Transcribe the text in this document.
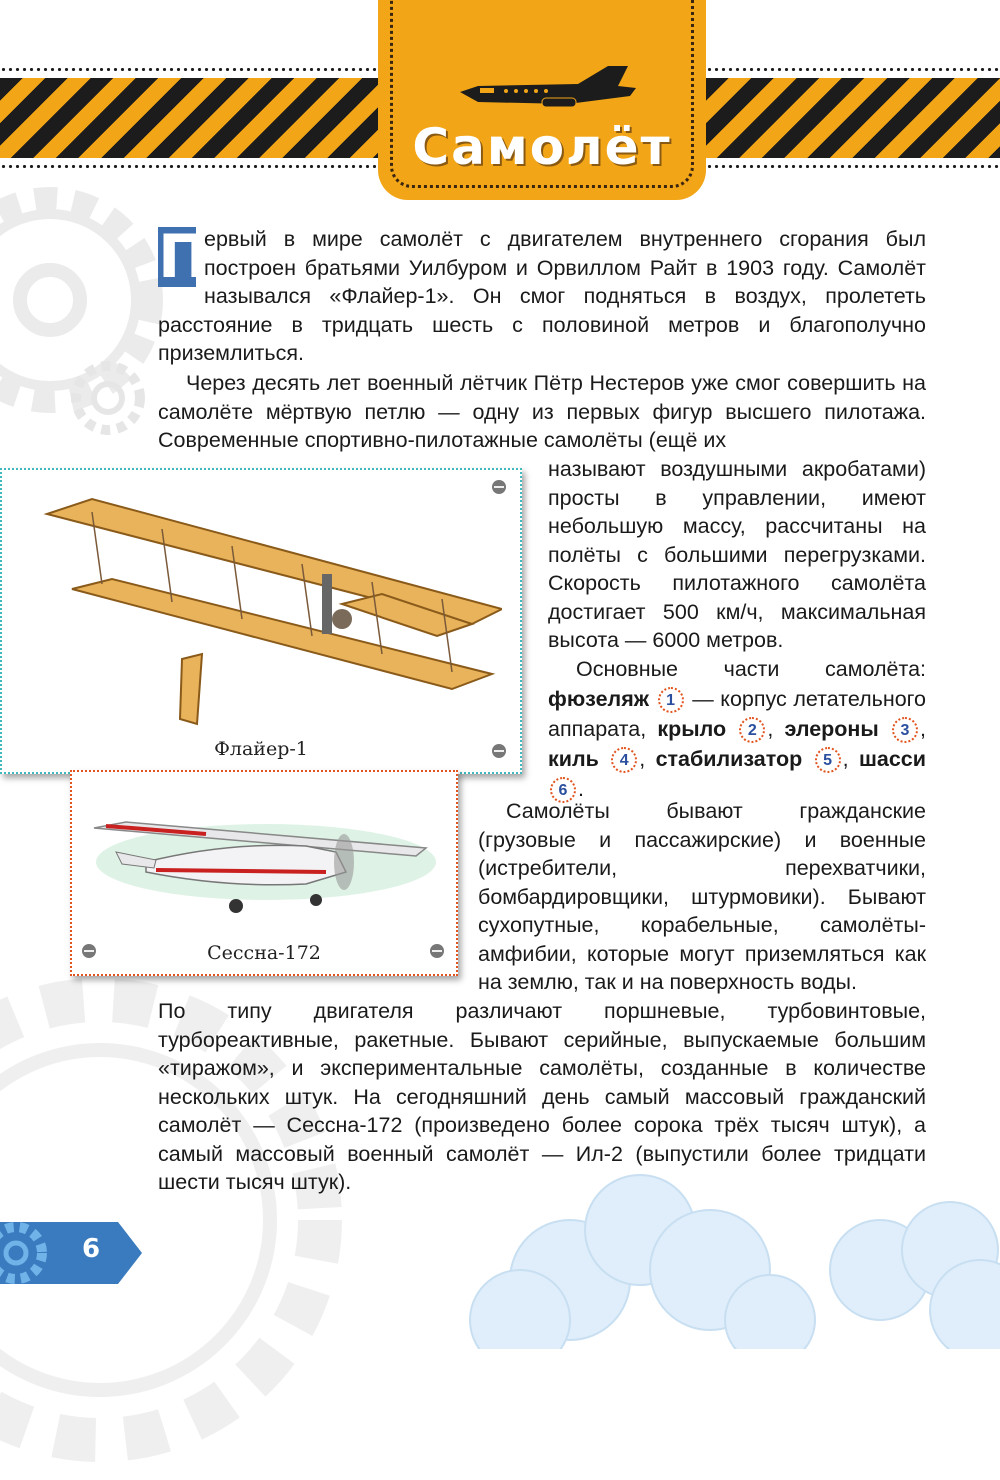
Самолёт
П
ервый в мире самолёт с двигателем внутреннего сгорания был построен братьями Уилбуром и Орвиллом Райт в 1903 году. Самолёт назывался «Флайер-1». Он смог подняться в воздух, пролететь расстояние в тридцать шесть с половиной метров и благополучно приземлиться.
Через десять лет военный лётчик Пётр Нестеров уже смог совершить на самолёте мёртвую петлю — одну из первых фигур высшего пилотажа. Современные спортивно-пилотажные самолёты (ещё их
называют воздушными акробатами) просты в управлении, имеют небольшую массу, рассчитаны на полёты с большими перегрузками. Скорость пилотажного самолёта достигает 500 км/ч, максимальная высота — 6000 метров.
Основные части самолёта: фюзеляж 1 — корпус летательного аппарата, крыло 2 , элероны 3 , киль 4 , стабилизатор 5 , шасси 6 .
Самолёты бывают гражданские (грузовые и пассажирские) и военные (истребители, перехватчики, бомбардировщики, штурмовики). Бывают сухопутные, корабельные, самолёты-амфибии, которые могут приземляться как на землю, так и на поверхность воды.
По типу двигателя различают поршневые, турбовинтовые, турбореактивные, ракетные. Бывают серийные, выпускаемые большим «тиражом», и экспериментальные самолёты, созданные в количестве нескольких штук. На сегодняшний день самый массовый гражданский самолёт — Сессна-172 (произведено более сорока трёх тысяч штук), а самый массовый военный самолёт — Ил-2 (выпустили более тридцати шести тысяч штук).
Флайер-1
Сессна-172
6
